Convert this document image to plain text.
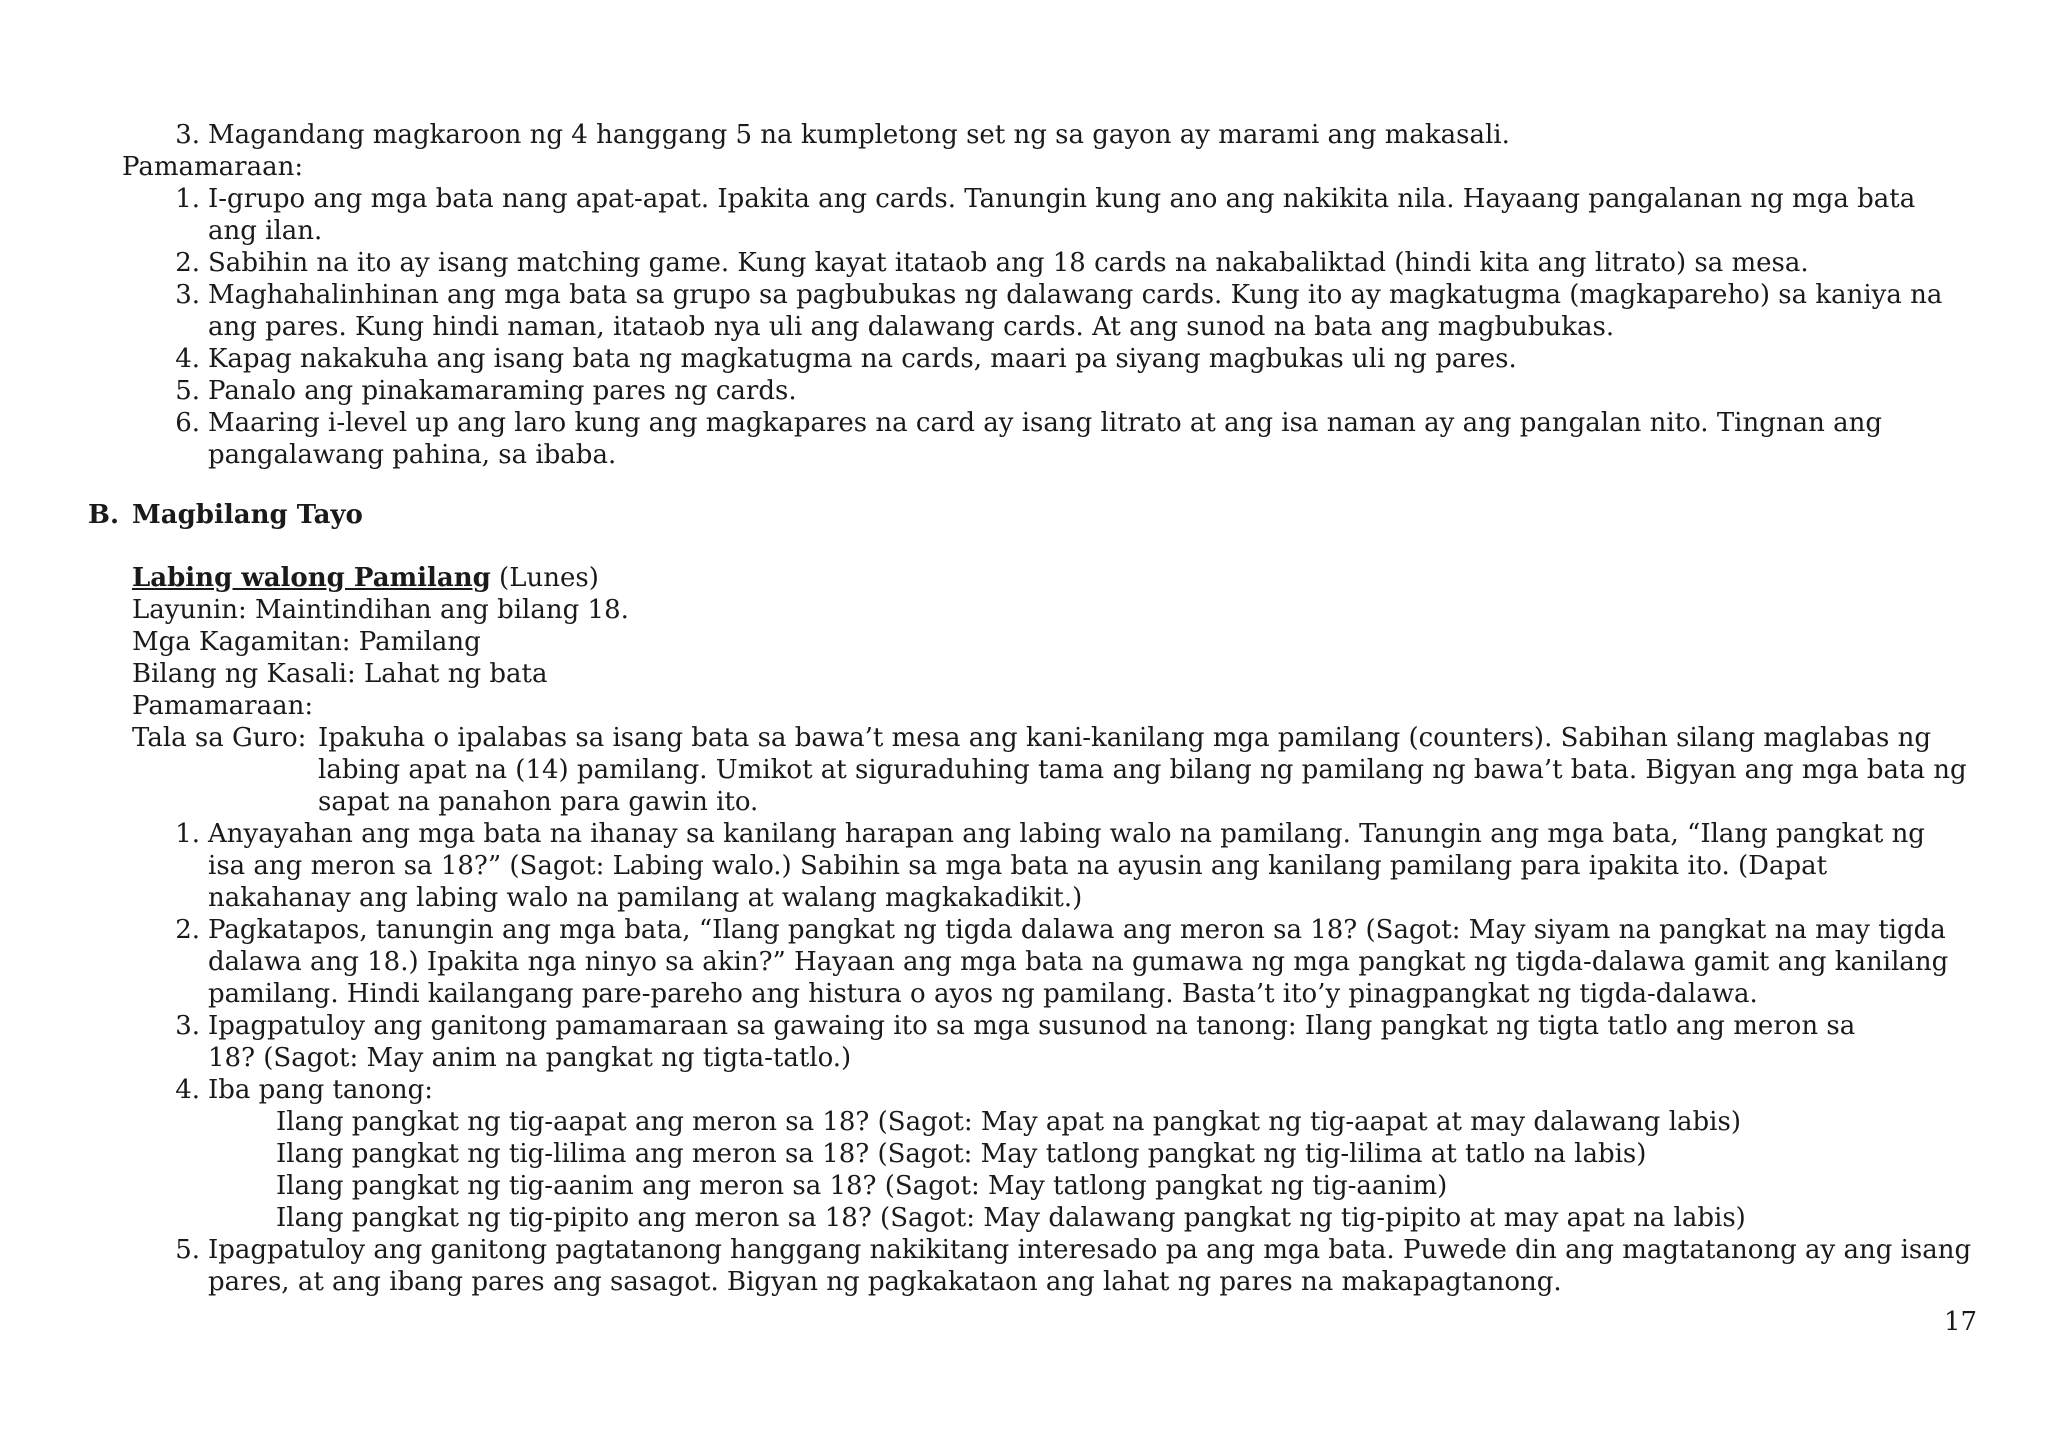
3. Magandang magkaroon ng 4 hanggang 5 na kumpletong set ng sa gayon ay marami ang makasali.
Pamamaraan:
1. I-grupo ang mga bata nang apat-apat. Ipakita ang cards. Tanungin kung ano ang nakikita nila. Hayaang pangalanan ng mga bata
ang ilan.
2. Sabihin na ito ay isang matching game. Kung kayat itataob ang 18 cards na nakabaliktad (hindi kita ang litrato) sa mesa.
3. Maghahalinhinan ang mga bata sa grupo sa pagbubukas ng dalawang cards. Kung ito ay magkatugma (magkapareho) sa kaniya na
ang pares. Kung hindi naman, itataob nya uli ang dalawang cards. At ang sunod na bata ang magbubukas.
4. Kapag nakakuha ang isang bata ng magkatugma na cards, maari pa siyang magbukas uli ng pares.
5. Panalo ang pinakamaraming pares ng cards.
6. Maaring i-level up ang laro kung ang magkapares na card ay isang litrato at ang isa naman ay ang pangalan nito. Tingnan ang
pangalawang pahina, sa ibaba.
B. Magbilang Tayo
Labing walong Pamilang (Lunes)
Layunin: Maintindihan ang bilang 18.
Mga Kagamitan: Pamilang
Bilang ng Kasali: Lahat ng bata
Pamamaraan:
Tala sa Guro: Ipakuha o ipalabas sa isang bata sa bawa’t mesa ang kani-kanilang mga pamilang (counters). Sabihan silang maglabas ng
labing apat na (14) pamilang. Umikot at siguraduhing tama ang bilang ng pamilang ng bawa’t bata. Bigyan ang mga bata ng
sapat na panahon para gawin ito.
1. Anyayahan ang mga bata na ihanay sa kanilang harapan ang labing walo na pamilang. Tanungin ang mga bata, “Ilang pangkat ng
isa ang meron sa 18?” (Sagot: Labing walo.) Sabihin sa mga bata na ayusin ang kanilang pamilang para ipakita ito. (Dapat
nakahanay ang labing walo na pamilang at walang magkakadikit.)
2. Pagkatapos, tanungin ang mga bata, “Ilang pangkat ng tigda dalawa ang meron sa 18? (Sagot: May siyam na pangkat na may tigda
dalawa ang 18.) Ipakita nga ninyo sa akin?” Hayaan ang mga bata na gumawa ng mga pangkat ng tigda-dalawa gamit ang kanilang
pamilang. Hindi kailangang pare-pareho ang histura o ayos ng pamilang. Basta’t ito’y pinagpangkat ng tigda-dalawa.
3. Ipagpatuloy ang ganitong pamamaraan sa gawaing ito sa mga susunod na tanong: Ilang pangkat ng tigta tatlo ang meron sa
18? (Sagot: May anim na pangkat ng tigta-tatlo.)
4. Iba pang tanong:
Ilang pangkat ng tig-aapat ang meron sa 18? (Sagot: May apat na pangkat ng tig-aapat at may dalawang labis)
Ilang pangkat ng tig-lilima ang meron sa 18? (Sagot: May tatlong pangkat ng tig-lilima at tatlo na labis)
Ilang pangkat ng tig-aanim ang meron sa 18? (Sagot: May tatlong pangkat ng tig-aanim)
Ilang pangkat ng tig-pipito ang meron sa 18? (Sagot: May dalawang pangkat ng tig-pipito at may apat na labis)
5. Ipagpatuloy ang ganitong pagtatanong hanggang nakikitang interesado pa ang mga bata. Puwede din ang magtatanong ay ang isang
pares, at ang ibang pares ang sasagot. Bigyan ng pagkakataon ang lahat ng pares na makapagtanong.
17
